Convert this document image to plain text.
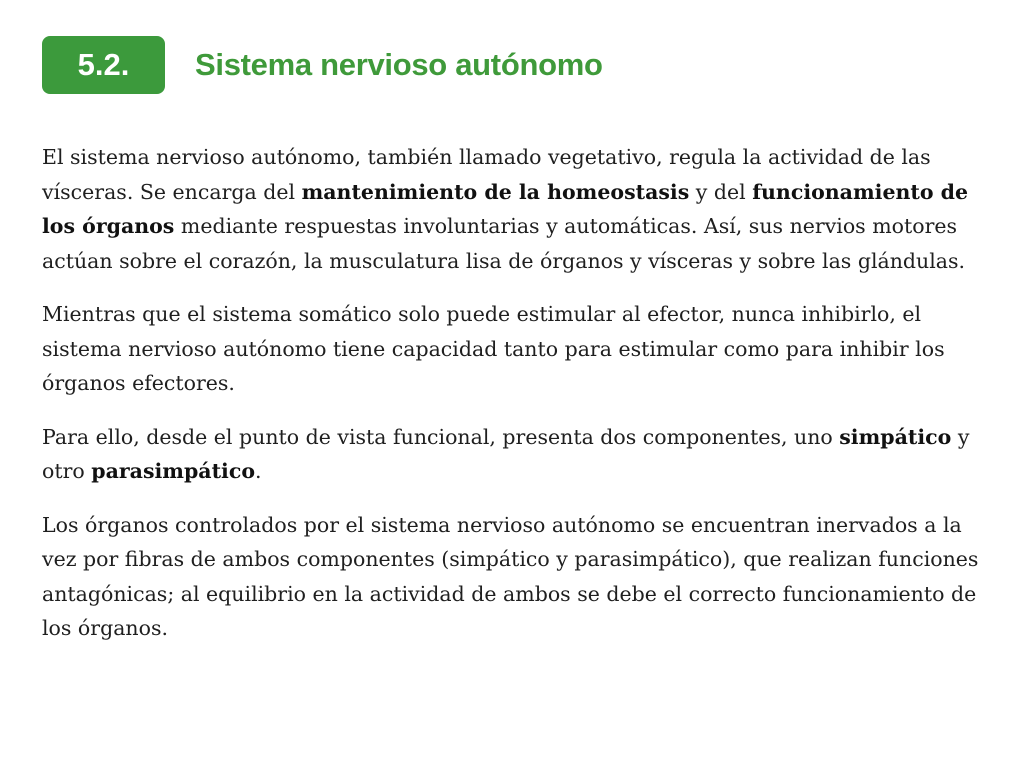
5.2.	Sistema nervioso autónomo

El sistema nervioso autónomo, también llamado vegetativo, regula la actividad de las vísceras. Se encarga del mantenimiento de la homeostasis y del funcionamiento de los órganos mediante respuestas involuntarias y automáticas. Así, sus nervios motores actúan sobre el corazón, la musculatura lisa de órganos y vísceras y sobre las glándulas.

Mientras que el sistema somático solo puede estimular al efector, nunca inhibirlo, el sistema nervioso autónomo tiene capacidad tanto para estimular como para inhibir los órganos efectores.

Para ello, desde el punto de vista funcional, presenta dos componentes, uno simpático y otro parasimpático.

Los órganos controlados por el sistema nervioso autónomo se encuentran inervados a la vez por fibras de ambos componentes (simpático y parasimpático), que realizan funciones antagónicas; al equilibrio en la actividad de ambos se debe el correcto funcionamiento de los órganos.
